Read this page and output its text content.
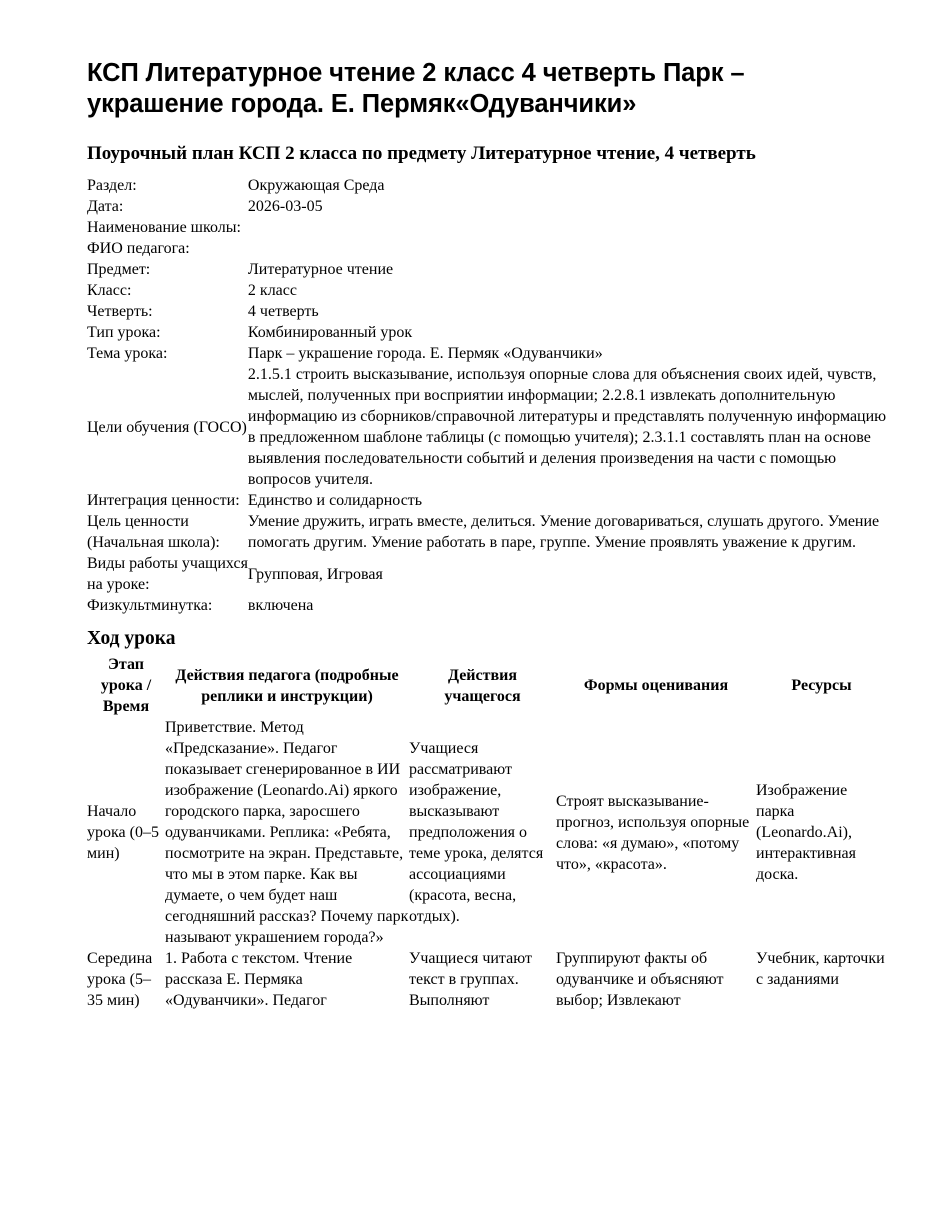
КСП Литературное чтение 2 класс 4 четверть Парк – украшение города. Е. Пермяк«Одуванчики»
Поурочный план КСП 2 класса по предмету Литературное чтение, 4 четверть
Раздел:	Окружающая Среда
Дата:	2026-03-05
Наименование школы:	
ФИО педагога:	
Предмет:	Литературное чтение
Класс:	2 класс
Четверть:	4 четверть
Тип урока:	Комбинированный урок
Тема урока:	Парк – украшение города. Е. Пермяк «Одуванчики»
Цели обучения (ГОСО)	2.1.5.1 строить высказывание, используя опорные слова для объяснения своих идей, чувств, мыслей, полученных при восприятии информации; 2.2.8.1 извлекать дополнительную информацию из сборников/справочной литературы и представлять полученную информацию в предложенном шаблоне таблицы (с помощью учителя); 2.3.1.1 составлять план на основе выявления последовательности событий и деления произведения на части с помощью вопросов учителя.
Интеграция ценности:	Единство и солидарность
Цель ценности (Начальная школа):	Умение дружить, играть вместе, делиться. Умение договариваться, слушать другого. Умение помогать другим. Умение работать в паре, группе. Умение проявлять уважение к другим.
Виды работы учащихся на уроке:	Групповая, Игровая
Физкультминутка:	включена
Ход урока
Этап урока / Время	Действия педагога (подробные реплики и инструкции)	Действия учащегося	Формы оценивания	Ресурсы
Начало урока (0–5 мин)	Приветствие. Метод «Предсказание». Педагог показывает сгенерированное в ИИ изображение (Leonardo.Ai) яркого городского парка, заросшего одуванчиками. Реплика: «Ребята, посмотрите на экран. Представьте, что мы в этом парке. Как вы думаете, о чем будет наш сегодняшний рассказ? Почему парк называют украшением города?»	Учащиеся рассматривают изображение, высказывают предположения о теме урока, делятся ассоциациями (красота, весна, отдых).	Строят высказывание-прогноз, используя опорные слова: «я думаю», «потому что», «красота».	Изображение парка (Leonardo.Ai), интерактивная доска.
Середина урока (5–35 мин)	1. Работа с текстом. Чтение рассказа Е. Пермяка «Одуванчики». Педагог	Учащиеся читают текст в группах. Выполняют	Группируют факты об одуванчике и объясняют выбор; Извлекают	Учебник, карточки с заданиями
